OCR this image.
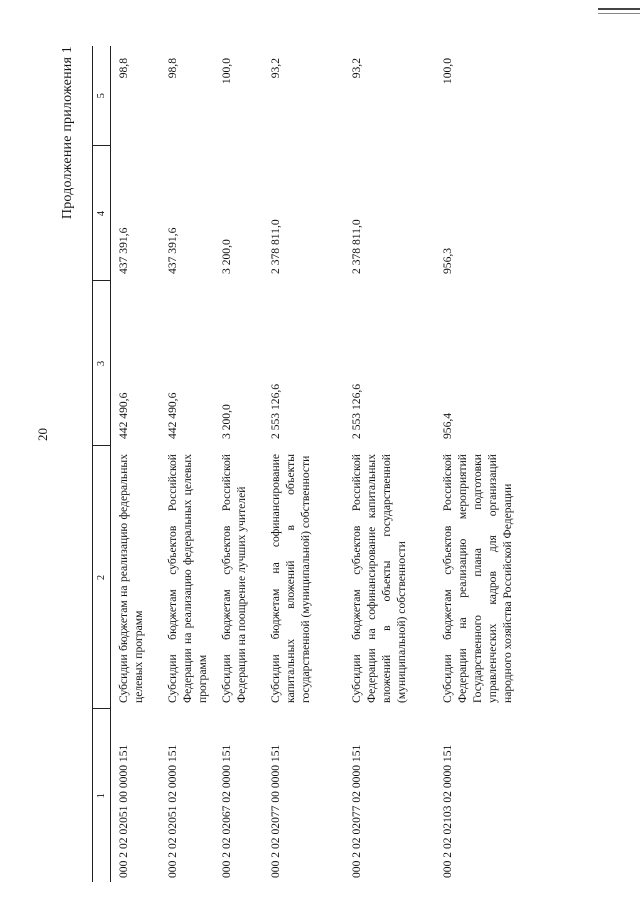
20
Продолжение приложения 1
1	2	3	4	5
000 2 02 02051 00 0000 151	Субсидии бюджетам на реализацию федеральных целевых программ	442 490,6	437 391,6	98,8
000 2 02 02051 02 0000 151	Субсидии бюджетам субъектов Российской Федерации на реализацию федеральных целевых программ	442 490,6	437 391,6	98,8
000 2 02 02067 02 0000 151	Субсидии бюджетам субъектов Российской Федерации на поощрение лучших учителей	3 200,0	3 200,0	100,0
000 2 02 02077 00 0000 151	Субсидии бюджетам на софинансирование капитальных вложений в объекты государственной (муниципальной) собственности	2 553 126,6	2 378 811,0	93,2
000 2 02 02077 02 0000 151	Субсидии бюджетам субъектов Российской Федерации на софинансирование капитальных вложений в объекты государственной (муниципальной) собственности	2 553 126,6	2 378 811,0	93,2
000 2 02 02103 02 0000 151	Субсидии бюджетам субъектов Российской Федерации на реализацию мероприятий Государственного плана подготовки управленческих кадров для организаций народного хозяйства Российской Федерации	956,4	956,3	100,0
